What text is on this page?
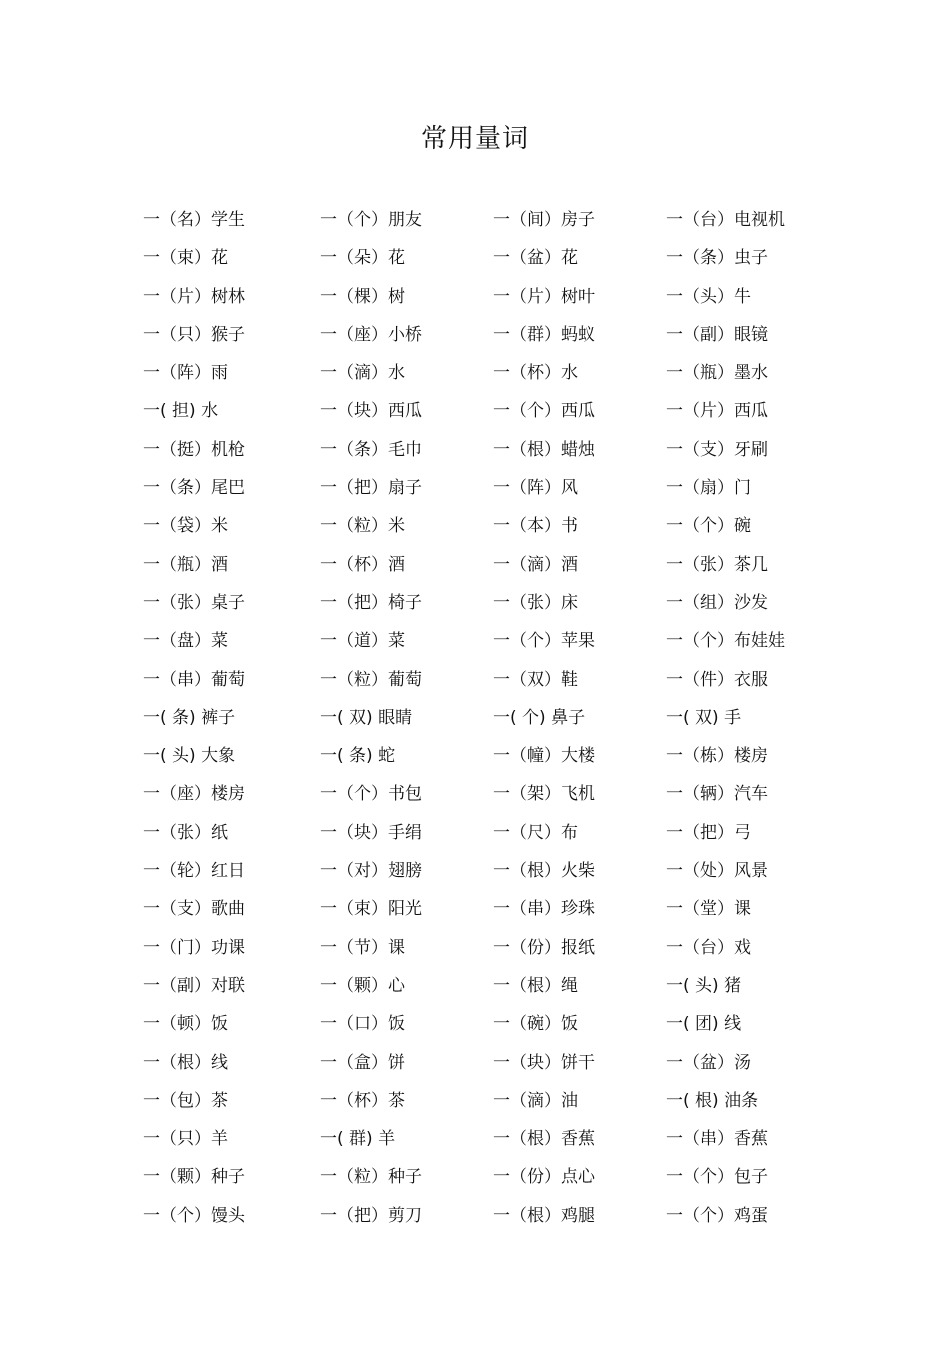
常用量词
一（名）学生	一（个）朋友	一（间）房子	一（台）电视机
一（束）花	一（朵）花	一（盆）花	一（条）虫子
一（片）树林	一（棵）树	一（片）树叶	一（头）牛
一（只）猴子	一（座）小桥	一（群）蚂蚁	一（副）眼镜
一（阵）雨	一（滴）水	一（杯）水	一（瓶）墨水
一( 担) 水	一（块）西瓜	一（个）西瓜	一（片）西瓜
一（挺）机枪	一（条）毛巾	一（根）蜡烛	一（支）牙刷
一（条）尾巴	一（把）扇子	一（阵）风	一（扇）门
一（袋）米	一（粒）米	一（本）书	一（个）碗
一（瓶）酒	一（杯）酒	一（滴）酒	一（张）茶几
一（张）桌子	一（把）椅子	一（张）床	一（组）沙发
一（盘）菜	一（道）菜	一（个）苹果	一（个）布娃娃
一（串）葡萄	一（粒）葡萄	一（双）鞋	一（件）衣服
一( 条) 裤子	一( 双) 眼睛	一( 个) 鼻子	一( 双) 手
一( 头) 大象	一( 条) 蛇	一（幢）大楼	一（栋）楼房
一（座）楼房	一（个）书包	一（架）飞机	一（辆）汽车
一（张）纸	一（块）手绢	一（尺）布	一（把）弓
一（轮）红日	一（对）翅膀	一（根）火柴	一（处）风景
一（支）歌曲	一（束）阳光	一（串）珍珠	一（堂）课
一（门）功课	一（节）课	一（份）报纸	一（台）戏
一（副）对联	一（颗）心	一（根）绳	一( 头) 猪
一（顿）饭	一（口）饭	一（碗）饭	一( 团) 线
一（根）线	一（盒）饼	一（块）饼干	一（盆）汤
一（包）茶	一（杯）茶	一（滴）油	一( 根) 油条
一（只）羊	一( 群) 羊	一（根）香蕉	一（串）香蕉
一（颗）种子	一（粒）种子	一（份）点心	一（个）包子
一（个）馒头	一（把）剪刀	一（根）鸡腿	一（个）鸡蛋
